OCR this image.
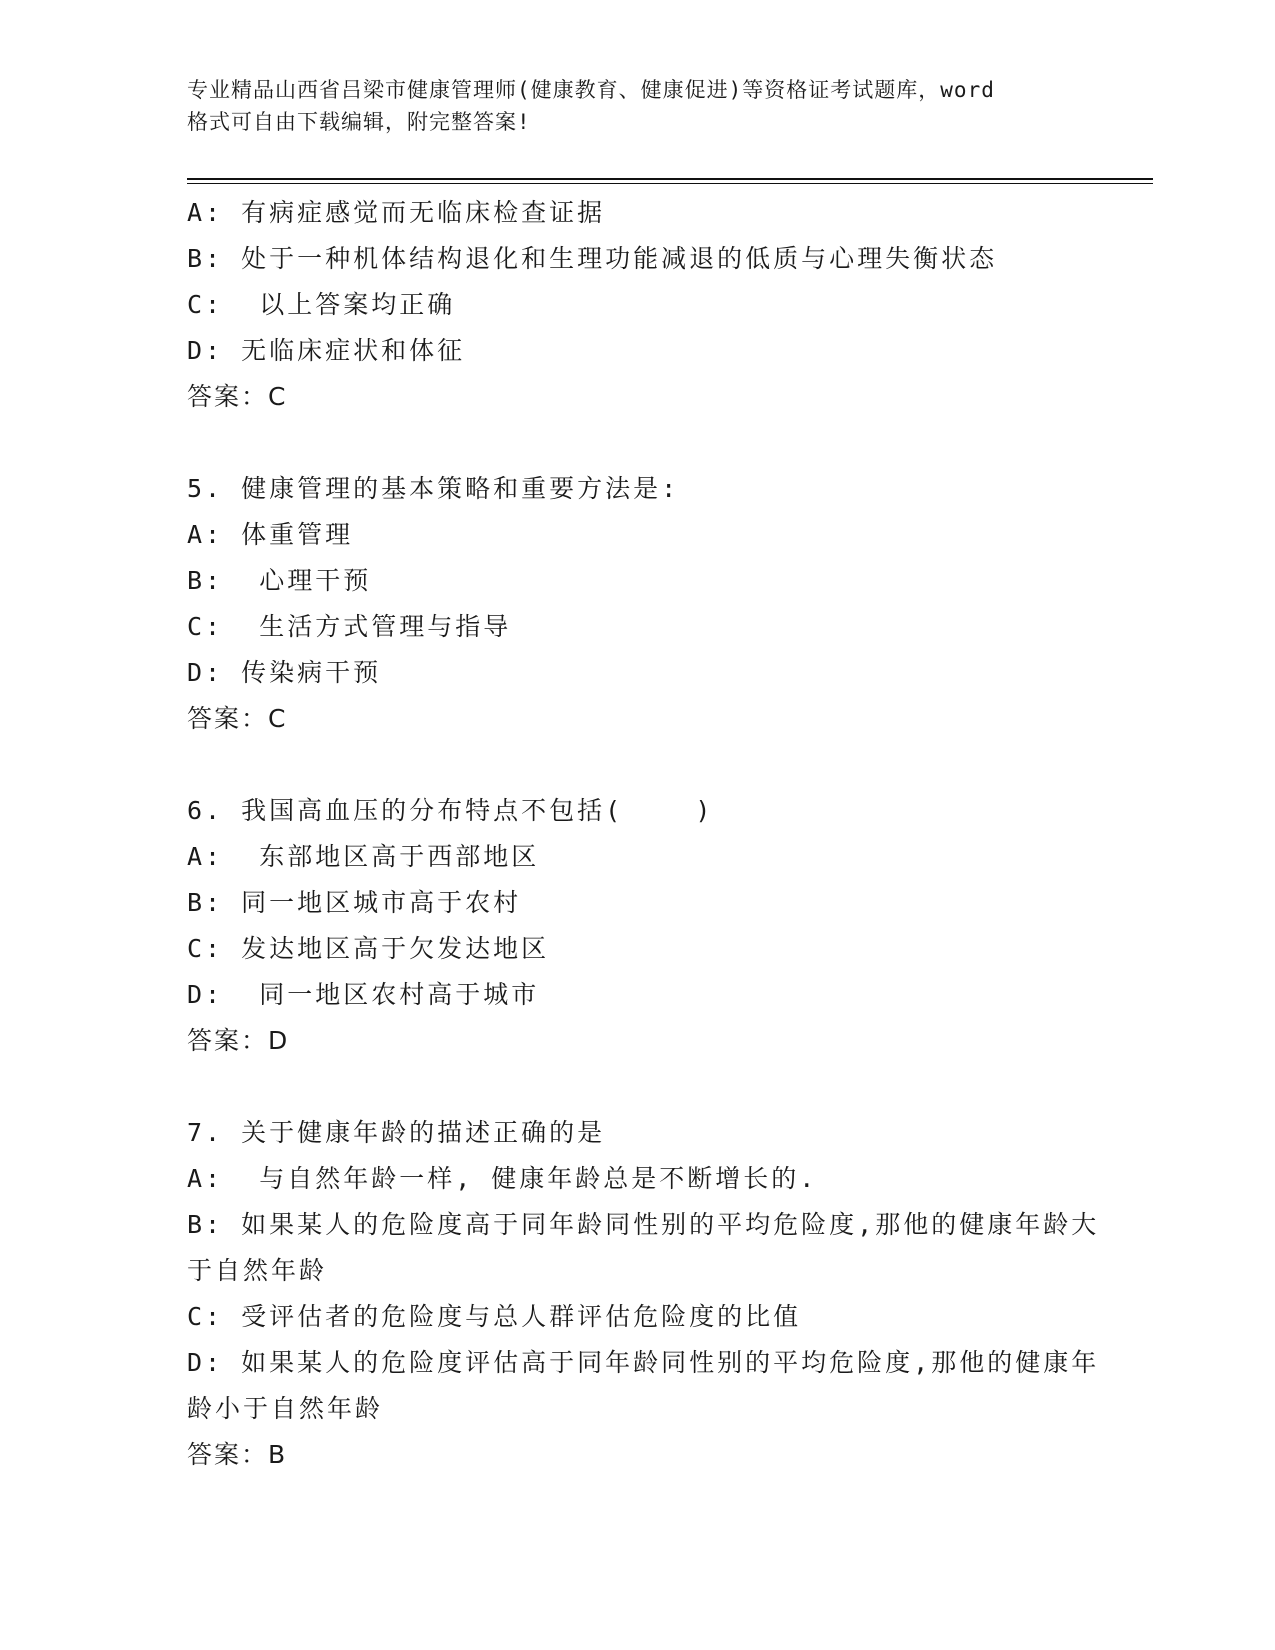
专业精品山西省吕梁市健康管理师(健康教育、健康促进)等资格证考试题库，word
格式可自由下载编辑，附完整答案!

A: 有病症感觉而无临床检查证据

B: 处于一种机体结构退化和生理功能减退的低质与心理失衡状态

C:  以上答案均正确

D: 无临床症状和体征

答案：C

5. 健康管理的基本策略和重要方法是:

A: 体重管理

B:  心理干预

C:  生活方式管理与指导

D: 传染病干预

答案：C

6. 我国高血压的分布特点不包括(    )

A:  东部地区高于西部地区

B: 同一地区城市高于农村

C: 发达地区高于欠发达地区

D:  同一地区农村高于城市

答案：D

7. 关于健康年龄的描述正确的是

A:  与自然年龄一样, 健康年龄总是不断增长的.

B: 如果某人的危险度高于同年龄同性别的平均危险度,那他的健康年龄大于自然年龄

C: 受评估者的危险度与总人群评估危险度的比值

D: 如果某人的危险度评估高于同年龄同性别的平均危险度,那他的健康年龄小于自然年龄

答案：B
